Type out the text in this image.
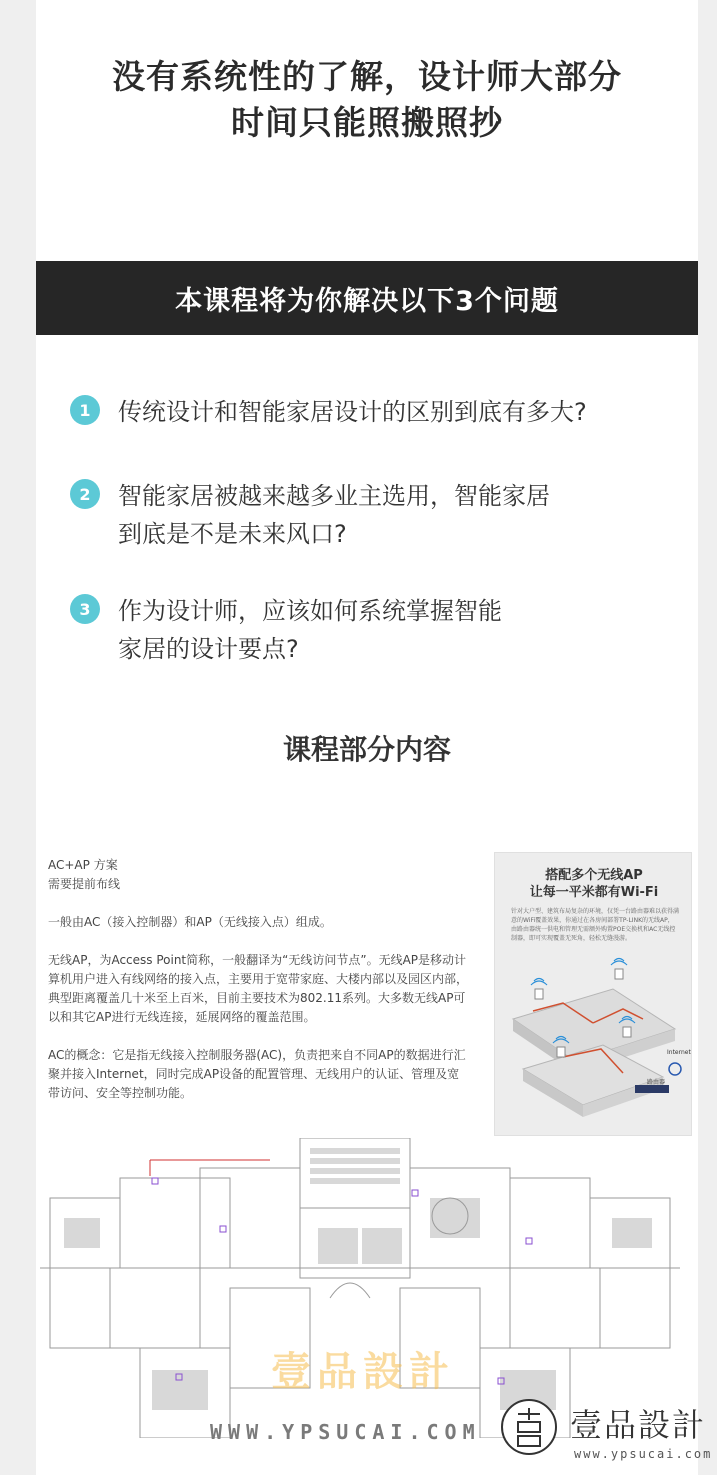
没有系统性的了解，设计师大部分
时间只能照搬照抄
本课程将为你解决以下3个问题
1	传统设计和智能家居设计的区别到底有多大?
2	智能家居被越来越多业主选用，智能家居
到底是不是未来风口?
3	作为设计师，应该如何系统掌握智能
家居的设计要点?
课程部分内容

AC+AP 方案

需要提前布线

一般由AC（接入控制器）和AP（无线接入点）组成。

无线AP，为Access Point简称，一般翻译为“无线访问节点”。无线AP是移动计算机用户进入有线网络的接入点，主要用于宽带家庭、大楼内部以及园区内部，典型距离覆盖几十米至上百米，目前主要技术为802.11系列。大多数无线AP可以和其它AP进行无线连接，延展网络的覆盖范围。

AC的概念：它是指无线接入控制服务器(AC)，负责把来自不同AP的数据进行汇聚并接入Internet，同时完成AP设备的配置管理、无线用户的认证、管理及宽带访问、安全等控制功能。

搭配多个无线AP
让每一平米都有Wi-Fi
针对大户型、建筑布局复杂的环境，仅凭一台路由器难以获得满意的WiFi覆盖效果，你通过在各房间部署TP-LINK的无线AP，由路由器统一供电和管理无需额外购置POE交换机和AC无线控制器，即可实现覆盖无死角，轻松无缝漫游。
Internet
路由器
壹品設計
WWW.YPSUCAI.COM	壹品設計
www.ypsucai.com
